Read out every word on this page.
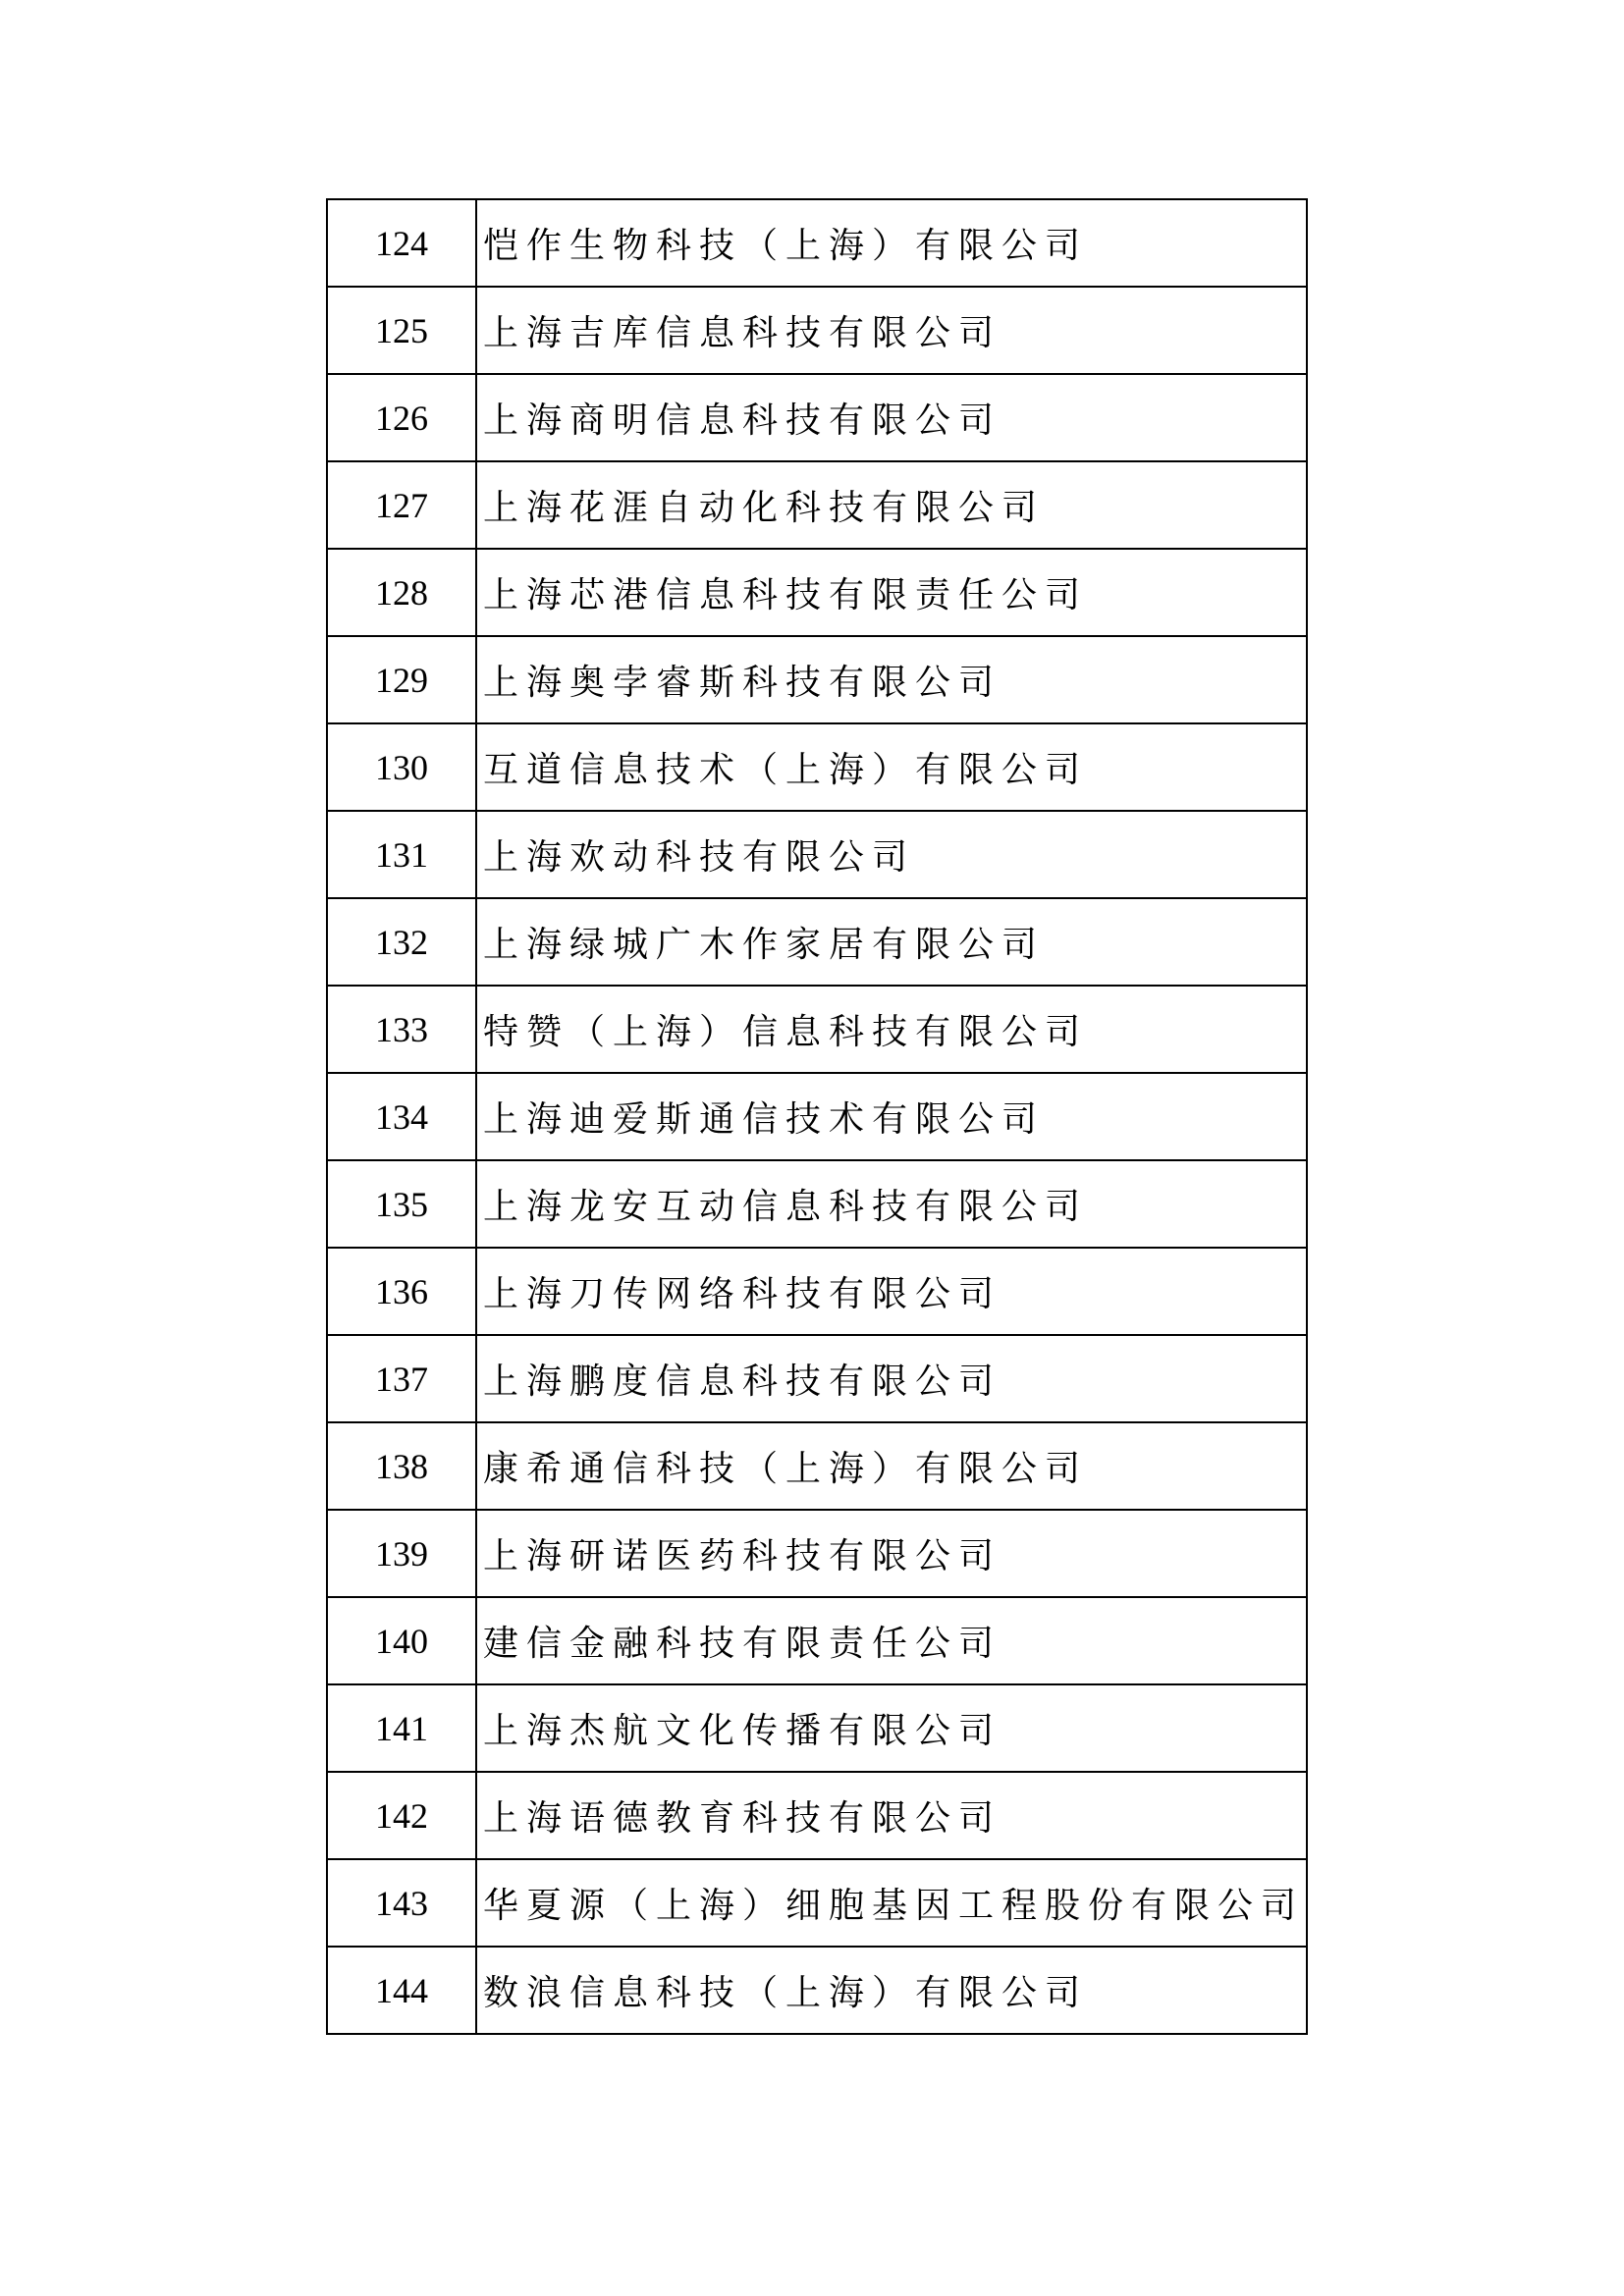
124	恺作生物科技（上海）有限公司
125	上海吉库信息科技有限公司
126	上海商明信息科技有限公司
127	上海花涯自动化科技有限公司
128	上海芯港信息科技有限责任公司
129	上海奥孛睿斯科技有限公司
130	互道信息技术（上海）有限公司
131	上海欢动科技有限公司
132	上海绿城广木作家居有限公司
133	特赞（上海）信息科技有限公司
134	上海迪爱斯通信技术有限公司
135	上海龙安互动信息科技有限公司
136	上海刀传网络科技有限公司
137	上海鹏度信息科技有限公司
138	康希通信科技（上海）有限公司
139	上海研诺医药科技有限公司
140	建信金融科技有限责任公司
141	上海杰航文化传播有限公司
142	上海语德教育科技有限公司
143	华夏源（上海）细胞基因工程股份有限公司
144	数浪信息科技（上海）有限公司
